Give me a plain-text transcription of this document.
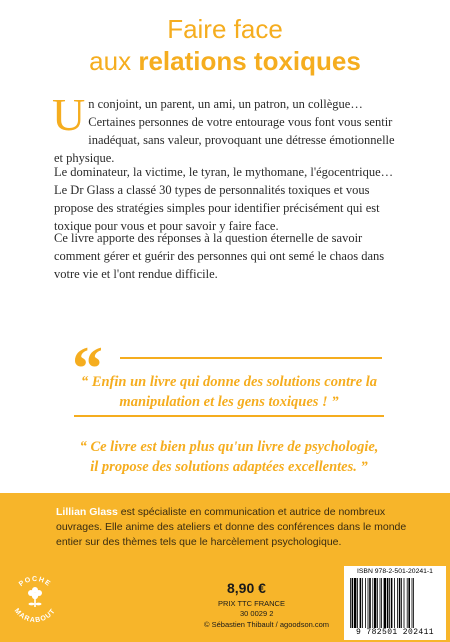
Faire face
aux relations toxiques

Un conjoint, un parent, un ami, un patron, un collègue… Certaines personnes de votre entourage vous font vous sentir inadéquat, sans valeur, provoquant une détresse émotionnelle et physique.

Le dominateur, la victime, le tyran, le mythomane, l'égocentrique… Le Dr Glass a classé 30 types de personnalités toxiques et vous propose des stratégies simples pour identifier précisément qui est toxique pour vous et pour savoir y faire face.

Ce livre apporte des réponses à la question éternelle de savoir comment gérer et guérir des personnes qui ont semé le chaos dans votre vie et l'ont rendue difficile.

“
“ Enfin un livre qui donne des solutions contre la manipulation et les gens toxiques ! ”
“ Ce livre est bien plus qu'un livre de psychologie, il propose des solutions adaptées excellentes. ”

Lillian Glass est spécialiste en communication et autrice de nombreux ouvrages. Elle anime des ateliers et donne des conférences dans le monde entier sur des thèmes tels que le harcèlement psychologique.

POCHE
MARABOUT
8,90 €
PRIX TTC FRANCE
30 0029 2
© Sébastien Thibault / agoodson.com
ISBN 978-2-501-20241-1
9 782501 202411
